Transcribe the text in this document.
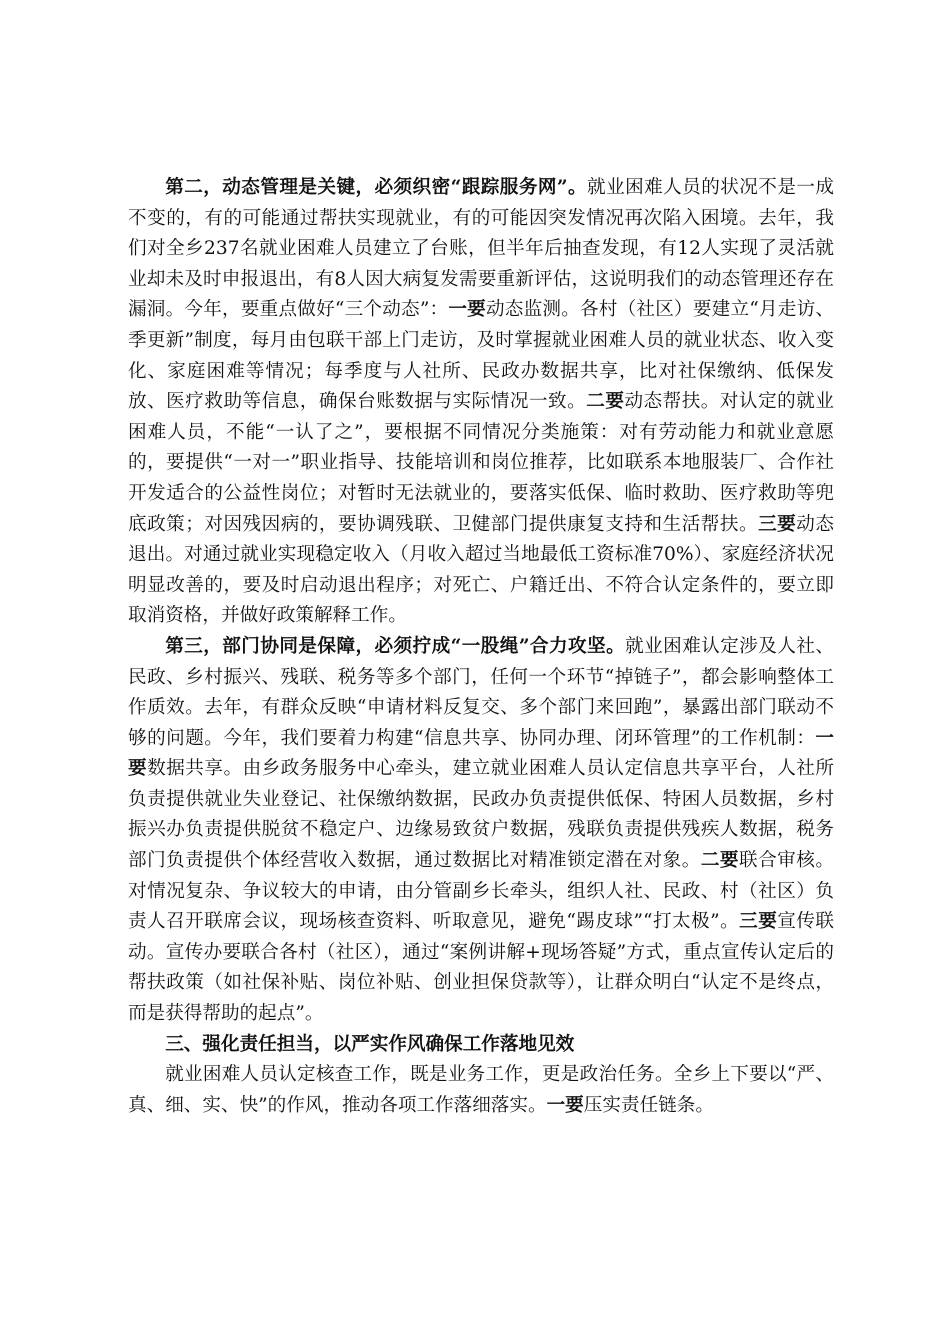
第二，动态管理是关键，必须织密“跟踪服务网”。就业困难人员的状况不是一成不变的，有的可能通过帮扶实现就业，有的可能因突发情况再次陷入困境。去年，我们对全乡237名就业困难人员建立了台账，但半年后抽查发现，有12人实现了灵活就业却未及时申报退出，有8人因大病复发需要重新评估，这说明我们的动态管理还存在漏洞。今年，要重点做好“三个动态”：一要动态监测。各村（社区）要建立“月走访、季更新”制度，每月由包联干部上门走访，及时掌握就业困难人员的就业状态、收入变化、家庭困难等情况；每季度与人社所、民政办数据共享，比对社保缴纳、低保发放、医疗救助等信息，确保台账数据与实际情况一致。二要动态帮扶。对认定的就业困难人员，不能“一认了之”，要根据不同情况分类施策：对有劳动能力和就业意愿的，要提供“一对一”职业指导、技能培训和岗位推荐，比如联系本地服装厂、合作社开发适合的公益性岗位；对暂时无法就业的，要落实低保、临时救助、医疗救助等兜底政策；对因残因病的，要协调残联、卫健部门提供康复支持和生活帮扶。三要动态退出。对通过就业实现稳定收入（月收入超过当地最低工资标准70%）、家庭经济状况明显改善的，要及时启动退出程序；对死亡、户籍迁出、不符合认定条件的，要立即取消资格，并做好政策解释工作。

第三，部门协同是保障，必须拧成“一股绳”合力攻坚。就业困难认定涉及人社、民政、乡村振兴、残联、税务等多个部门，任何一个环节“掉链子”，都会影响整体工作质效。去年，有群众反映“申请材料反复交、多个部门来回跑”，暴露出部门联动不够的问题。今年，我们要着力构建“信息共享、协同办理、闭环管理”的工作机制：一要数据共享。由乡政务服务中心牵头，建立就业困难人员认定信息共享平台，人社所负责提供就业失业登记、社保缴纳数据，民政办负责提供低保、特困人员数据，乡村振兴办负责提供脱贫不稳定户、边缘易致贫户数据，残联负责提供残疾人数据，税务部门负责提供个体经营收入数据，通过数据比对精准锁定潜在对象。二要联合审核。对情况复杂、争议较大的申请，由分管副乡长牵头，组织人社、民政、村（社区）负责人召开联席会议，现场核查资料、听取意见，避免“踢皮球”“打太极”。三要宣传联动。宣传办要联合各村（社区），通过“案例讲解+现场答疑”方式，重点宣传认定后的帮扶政策（如社保补贴、岗位补贴、创业担保贷款等），让群众明白“认定不是终点，而是获得帮助的起点”。

三、强化责任担当，以严实作风确保工作落地见效

就业困难人员认定核查工作，既是业务工作，更是政治任务。全乡上下要以“严、真、细、实、快”的作风，推动各项工作落细落实。一要压实责任链条。
